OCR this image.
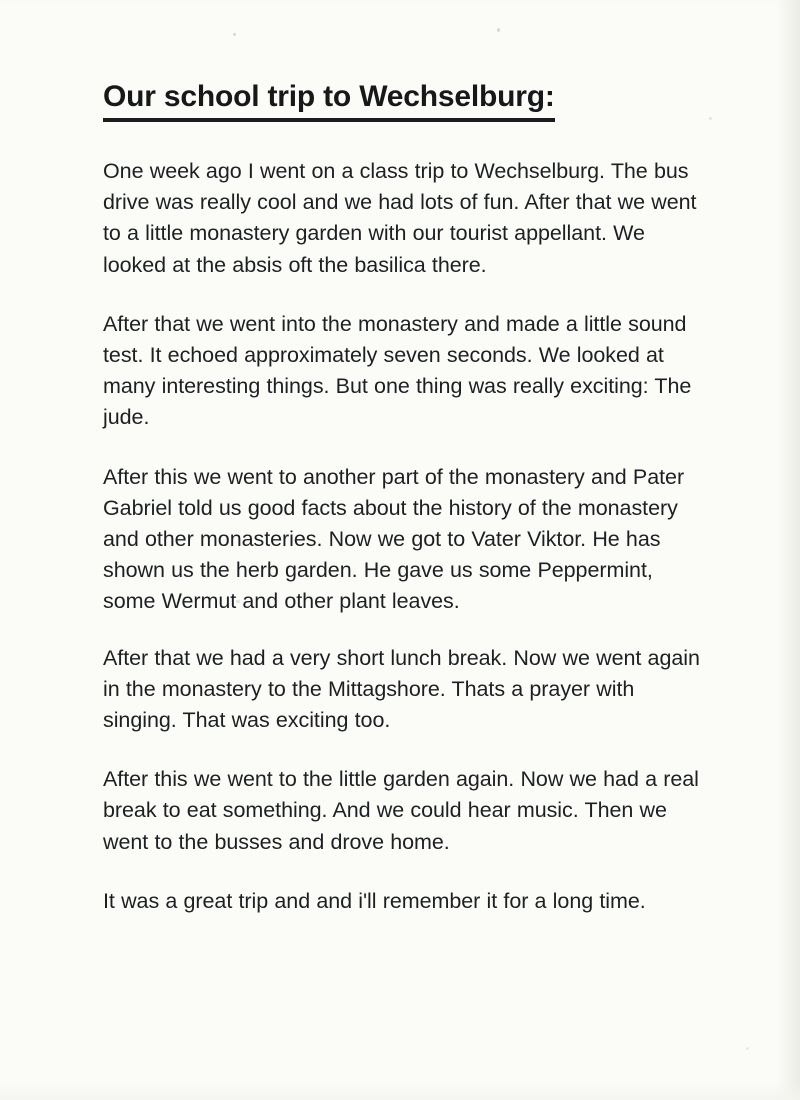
Our school trip to Wechselburg:

One week ago I went on a class trip to Wechselburg. The bus drive was really cool and we had lots of fun. After that we went to a little monastery garden with our tourist appellant. We looked at the absis oft the basilica there.

After that we went into the monastery and made a little sound test. It echoed approximately seven seconds. We looked at many interesting things. But one thing was really exciting: The jude.

After this we went to another part of the monastery and Pater Gabriel told us good facts about the history of the monastery and other monasteries. Now we got to Vater Viktor. He has shown us the herb garden. He gave us some Peppermint, some Wermut and other plant leaves.

After that we had a very short lunch break. Now we went again in the monastery to the Mittagshore. Thats a prayer with singing. That was exciting too.

After this we went to the little garden again. Now we had a real break to eat something. And we could hear music. Then we went to the busses and drove home.

It was a great trip and and i'll remember it for a long time.
